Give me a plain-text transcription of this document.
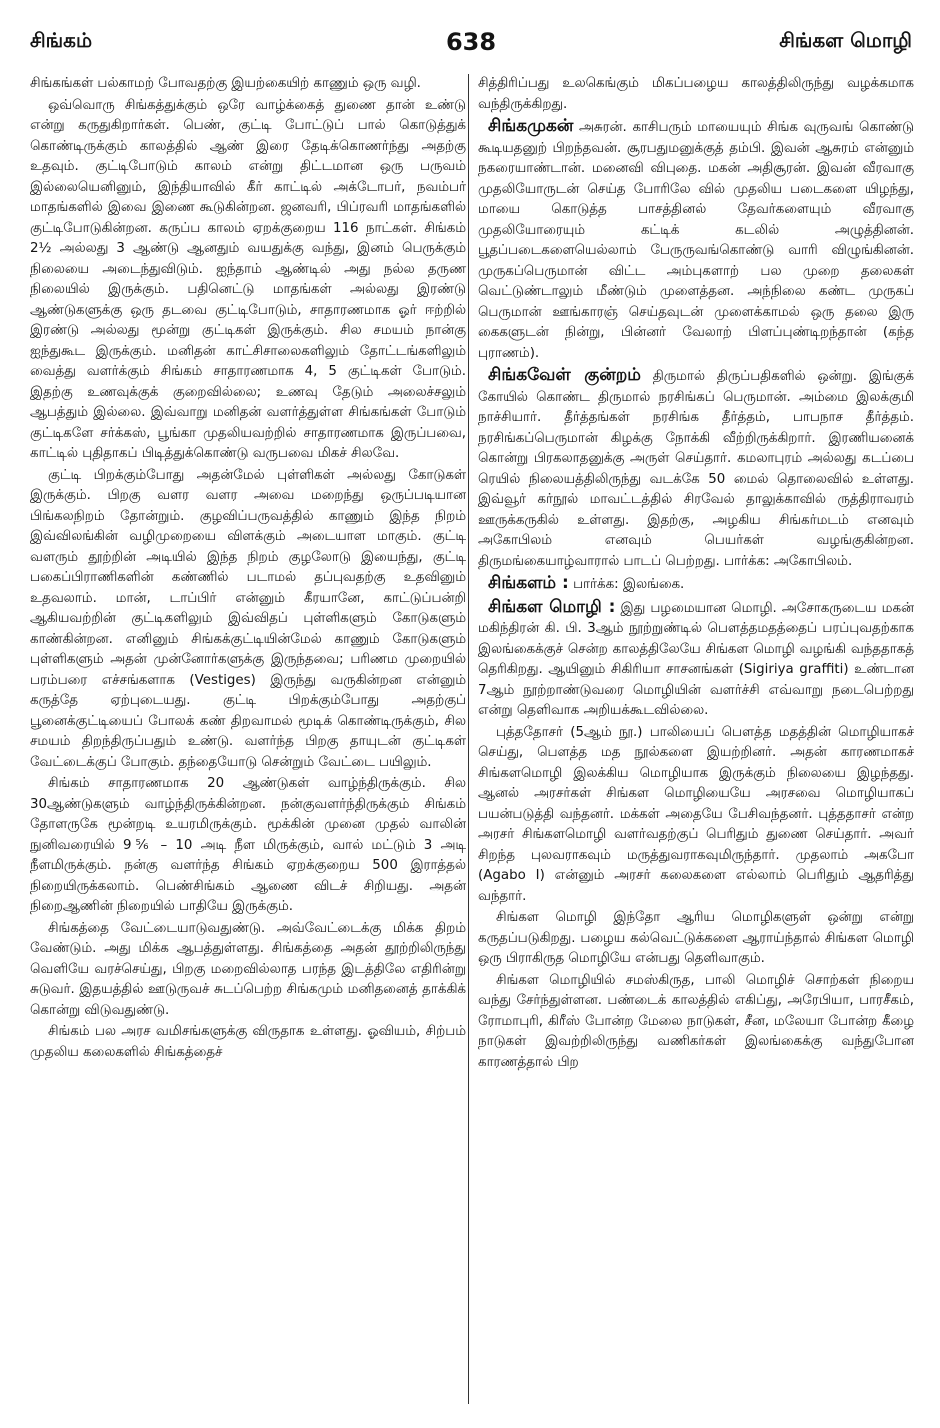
சிங்கம்	638	சிங்கள மொழி

சிங்கங்கள் பல்காமற் போவதற்கு இயற்கையிற் காணும் ஒரு வழி.

ஒவ்வொரு சிங்கத்துக்கும் ஒரே வாழ்க்கைத் துணை தான் உண்டு என்று கருதுகிறார்கள். பெண், குட்டி போட்டுப் பால் கொடுத்துக் கொண்டிருக்கும் காலத்தில் ஆண் இரை தேடிக்கொணர்ந்து அதற்கு உதவும். குட்டிபோடும் காலம் என்று திட்டமான ஒரு பருவம் இல்லையெனினும், இந்தியாவில் கீர் காட்டில் அக்டோபர், நவம்பர் மாதங்களில் இவை இணை கூடுகின்றன. ஜனவரி, பிப்ரவரி மாதங்களில் குட்டிபோடுகின்றன. கருப்ப காலம் ஏறக்குறைய 116 நாட்கள். சிங்கம் 2½ அல்லது 3 ஆண்டு ஆனதும் வயதுக்கு வந்து, இனம் பெருக்கும் நிலையை அடைந்துவிடும். ஐந்தாம் ஆண்டில் அது நல்ல தருண நிலையில் இருக்கும். பதினெட்டு மாதங்கள் அல்லது இரண்டு ஆண்டுகளுக்கு ஒரு தடவை குட்டிபோடும், சாதாரணமாக ஓர் ஈற்றில் இரண்டு அல்லது மூன்று குட்டிகள் இருக்கும். சில சமயம் நான்கு ஐந்துகூட இருக்கும். மனிதன் காட்சிசாலைகளிலும் தோட்டங்களிலும் வைத்து வளர்க்கும் சிங்கம் சாதாரணமாக 4, 5 குட்டிகள் போடும். இதற்கு உணவுக்குக் குறைவில்லை; உணவு தேடும் அலைச்சலும் ஆபத்தும் இல்லை. இவ்வாறு மனிதன் வளர்த்துள்ள சிங்கங்கள் போடும் குட்டிகளே சர்க்கஸ், பூங்கா முதலியவற்றில் சாதாரணமாக இருப்பவை, காட்டில் புதிதாகப் பிடித்துக்கொண்டு வருபவை மிகச் சிலவே.

குட்டி பிறக்கும்போது அதன்மேல் புள்ளிகள் அல்லது கோடுகள் இருக்கும். பிறகு வளர வளர அவை மறைந்து ஒருப்படியான பிங்கலநிறம் தோன்றும். குழவிப்பருவத்தில் காணும் இந்த நிறம் இவ்விலங்கின் வழிமுறையை விளக்கும் அடையாள மாகும். குட்டி வளரும் தூற்றின் அடியில் இந்த நிறம் குழலோடு இயைந்து, குட்டி பகைப்பிராணிகளின் கண்ணில் படாமல் தப்புவதற்கு உதவினும் உதவலாம். மான், டாப்பிர் என்னும் கீரயானே, காட்டுப்பன்றி ஆகியவற்றின் குட்டிகளிலும் இவ்விதப் புள்ளிகளும் கோடுகளும் காண்கின்றன. எனினும் சிங்கக்குட்டியின்மேல் காணும் கோடுகளும் புள்ளிகளும் அதன் முன்னோர்களுக்கு இருந்தவை; பரிணம முறையில் பரம்பரை எச்சங்களாக (Vestiges) இருந்து வருகின்றன என்னும் கருத்தே ஏற்புடையது. குட்டி பிறக்கும்போது அதற்குப் பூனைக்குட்டியைப் போலக் கண் திறவாமல் மூடிக் கொண்டிருக்கும், சில சமயம் திறந்திருப்பதும் உண்டு. வளர்ந்த பிறகு தாயுடன் குட்டிகள் வேட்டைக்குப் போகும். தந்தையோடு சென்றும் வேட்டை பயிலும்.

சிங்கம் சாதாரணமாக 20 ஆண்டுகள் வாழ்ந்திருக்கும். சில 30ஆண்டுகளும் வாழ்ந்திருக்கின்றன. நன்குவளர்ந்திருக்கும் சிங்கம் தோளருகே மூன்றடி உயரமிருக்கும். மூக்கின் முனை முதல் வாலின் நுனிவரையில் 9⅚ – 10 அடி நீள மிருக்கும், வால் மட்டும் 3 அடி நீளமிருக்கும். நன்கு வளர்ந்த சிங்கம் ஏறக்குறைய 500 இராத்தல் நிறையிருக்கலாம். பெண்சிங்கம் ஆணை விடச் சிறியது. அதன் நிறைஆணின் நிறையில் பாதியே இருக்கும்.

சிங்கத்தை வேட்டையாடுவதுண்டு. அவ்வேட்டைக்கு மிக்க திறம் வேண்டும். அது மிக்க ஆபத்துள்ளது. சிங்கத்தை அதன் தூற்றிலிருந்து வெளியே வரச்செய்து, பிறகு மறைவில்லாத பரந்த இடத்திலே எதிரின்று சுடுவர். இதயத்தில் ஊடுருவச் சுடப்பெற்ற சிங்கமும் மனிதனைத் தாக்கிக் கொன்று விடுவதுண்டு.

சிங்கம் பல அரச வமிசங்களுக்கு விருதாக உள்ளது. ஓவியம், சிற்பம் முதலிய கலைகளில் சிங்கத்தைச்

சித்திரிப்பது உலகெங்கும் மிகப்பழைய காலத்திலிருந்து வழக்கமாக வந்திருக்கிறது.

சிங்கமுகன் அசுரன். காசிபரும் மாயையும் சிங்க வுருவங் கொண்டு கூடியதனுற் பிறந்தவன். சூரபதுமனுக்குத் தம்பி. இவன் ஆசுரம் என்னும் நகரையாண்டான். மனைவி விபுதை. மகன் அதிசூரன். இவன் வீரவாகு முதலியோருடன் செய்த போரிலே வில் முதலிய படைகளை யிழந்து, மாயை கொடுத்த பாசத்தினல் தேவர்களையும் வீரவாகு முதலியோரையும் கட்டிக் கடலில் அழுத்தினன். பூதப்படைகளையெல்லாம் பேருருவங்கொண்டு வாரி விழுங்கினன். முருகப்பெருமான் விட்ட அம்புகளாற் பல முறை தலைகள் வெட்டுண்டாலும் மீண்டும் முளைத்தன. அந்நிலை கண்ட முருகப் பெருமான் ஊங்காரஞ் செய்தவுடன் முளைக்காமல் ஒரு தலை இரு கைகளுடன் நின்று, பின்னர் வேலாற் பிளப்புண்டிறந்தான் (கந்த புராணம்).

சிங்கவேள் குன்றம் திருமால் திருப்பதிகளில் ஒன்று. இங்குக் கோயில் கொண்ட திருமால் நரசிங்கப் பெருமான். அம்மை இலக்குமி நாச்சியார். தீர்த்தங்கள் நரசிங்க தீர்த்தம், பாபநாச தீர்த்தம். நரசிங்கப்பெருமான் கிழக்கு நோக்கி வீற்றிருக்கிறார். இரணியனைக் கொன்று பிரகலாதனுக்கு அருள் செய்தார். கமலாபுரம் அல்லது கடப்பை ரெயில் நிலையத்திலிருந்து வடக்கே 50 மைல் தொலைவில் உள்ளது. இவ்வூர் கர்நூல் மாவட்டத்தில் சிரவேல் தாலுக்காவில் ருத்திராவரம் ஊருக்கருகில் உள்ளது. இதற்கு, அழகிய சிங்கர்மடம் எனவும் அகோபிலம் எனவும் பெயர்கள் வழங்குகின்றன. திருமங்கையாழ்வாரால் பாடப் பெற்றது. பார்க்க: அகோபிலம்.

சிங்களம் : பார்க்க: இலங்கை.

சிங்கள மொழி : இது பழமையான மொழி. அசோகருடைய மகன் மகிந்திரன் கி. பி. 3ஆம் நூற்றுண்டில் பௌத்தமதத்தைப் பரப்புவதற்காக இலங்கைக்குச் சென்ற காலத்திலேயே சிங்கள மொழி வழங்கி வந்ததாகத் தெரிகிறது. ஆயினும் சிகிரியா சாசனங்கள் (Sigiriya graffiti) உண்டான 7ஆம் நூற்றாண்டுவரை மொழியின் வளர்ச்சி எவ்வாறு நடைபெற்றது என்று தெளிவாக அறியக்கூடவில்லை.

புத்ததோசர் (5ஆம் நூ.) பாலியைப் பௌத்த மதத்தின் மொழியாகச் செய்து, பௌத்த மத நூல்களை இயற்றினர். அதன் காரணமாகச் சிங்களமொழி இலக்கிய மொழியாக இருக்கும் நிலையை இழந்தது. ஆனல் அரசர்கள் சிங்கள மொழியையே அரசவை மொழியாகப் பயன்படுத்தி வந்தனர். மக்கள் அதையே பேசிவந்தனர். புத்ததாசர் என்ற அரசர் சிங்களமொழி வளர்வதற்குப் பெரிதும் துணை செய்தார். அவர் சிறந்த புலவராகவும் மருத்துவராகவுமிருந்தார். முதலாம் அகபோ (Agabo I) என்னும் அரசர் கலைகளை எல்லாம் பெரிதும் ஆதரித்து வந்தார்.

சிங்கள மொழி இந்தோ ஆரிய மொழிகளுள் ஒன்று என்று கருதப்படுகிறது. பழைய கல்வெட்டுக்களை ஆராய்ந்தால் சிங்கள மொழி ஒரு பிராகிருத மொழியே என்பது தெளிவாகும்.

சிங்கள மொழியில் சமஸ்கிருத, பாலி மொழிச் சொற்கள் நிறைய வந்து சேர்ந்துள்ளன. பண்டைக் காலத்தில் எகிப்து, அரேபியா, பாரசீகம், ரோமாபுரி, கிரீஸ் போன்ற மேலை நாடுகள், சீன, மலேயா போன்ற கீழை நாடுகள் இவற்றிலிருந்து வணிகர்கள் இலங்கைக்கு வந்துபோன காரணத்தால் பிற
